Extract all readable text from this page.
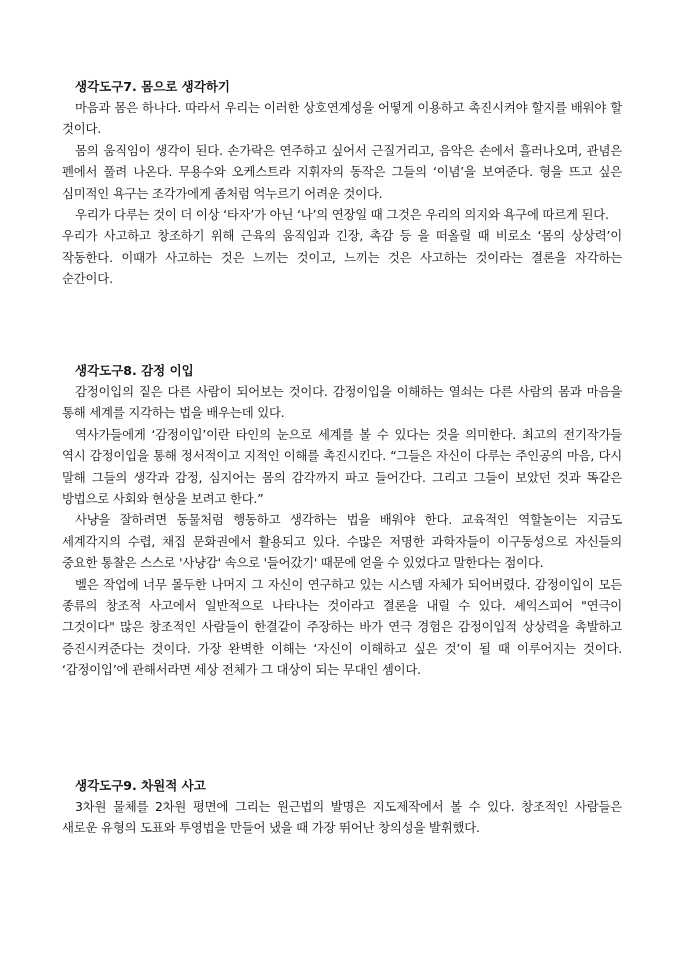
생각도구7. 몸으로 생각하기

마음과 몸은 하나다. 따라서 우리는 이러한 상호연계성을 어떻게 이용하고 촉진시켜야 할지를 배워야 할 것이다.

몸의 움직임이 생각이 된다. 손가락은 연주하고 싶어서 근질거리고, 음악은 손에서 흘러나오며, 관념은 펜에서 풀려 나온다. 무용수와 오케스트라 지휘자의 동작은 그들의 ‘이념’을 보여준다. 형을 뜨고 싶은 심미적인 욕구는 조각가에게 좀처럼 억누르기 어려운 것이다.

우리가 다루는 것이 더 이상 ‘타자’가 아닌 ‘나’의 연장일 때 그것은 우리의 의지와 욕구에 따르게 된다.

우리가 사고하고 창조하기 위해 근육의 움직임과 긴장, 촉감 등 을 떠올릴 때 비로소 ‘몸의 상상력’이 작동한다. 이때가 사고하는 것은 느끼는 것이고, 느끼는 것은 사고하는 것이라는 결론을 자각하는 순간이다.

생각도구8. 감정 이입

감정이입의 짙은 다른 사람이 되어보는 것이다. 감정이입을 이해하는 열쇠는 다른 사람의 몸과 마음을 통해 세계를 지각하는 법을 배우는데 있다.

역사가들에게 ‘감정이입’이란 타인의 눈으로 세계를 볼 수 있다는 것을 의미한다. 최고의 전기작가들 역시 감정이입을 통해 정서적이고 지적인 이해를 촉진시킨다. “그들은 자신이 다루는 주인공의 마음, 다시 말해 그들의 생각과 감정, 심지어는 몸의 감각까지 파고 들어간다. 그리고 그들이 보았던 것과 똑같은 방법으로 사회와 현상을 보려고 한다.”

사냥을 잘하려면 동물처럼 행동하고 생각하는 법을 배워야 한다. 교육적인 역할놀이는 지금도 세계각지의 수렵, 채집 문화권에서 활용되고 있다. 수많은 저명한 과학자들이 이구동성으로 자신들의 중요한 통찰은 스스로 '사냥감' 속으로 '들어갔기' 때문에 얻을 수 있었다고 말한다는 점이다.

벨은 작업에 너무 몰두한 나머지 그 자신이 연구하고 있는 시스템 자체가 되어버렸다. 감정이입이 모든 종류의 창조적 사고에서 일반적으로 나타나는 것이라고 결론을 내릴 수 있다. 셰익스피어 "연극이 그것이다" 많은 창조적인 사람들이 한결같이 주장하는 바가 연극 경험은 감정이입적 상상력을 촉발하고 증진시켜준다는 것이다. 가장 완벽한 이해는 ‘자신이 이해하고 싶은 것’이 될 때 이루어지는 것이다. ‘감정이입’에 관해서라면 세상 전체가 그 대상이 되는 무대인 셈이다.

생각도구9. 차원적 사고

3차원 물체를 2차원 평면에 그리는 원근법의 발명은 지도제작에서 볼 수 있다. 창조적인 사람들은 새로운 유형의 도표와 투영법을 만들어 냈을 때 가장 뛰어난 창의성을 발휘했다.
